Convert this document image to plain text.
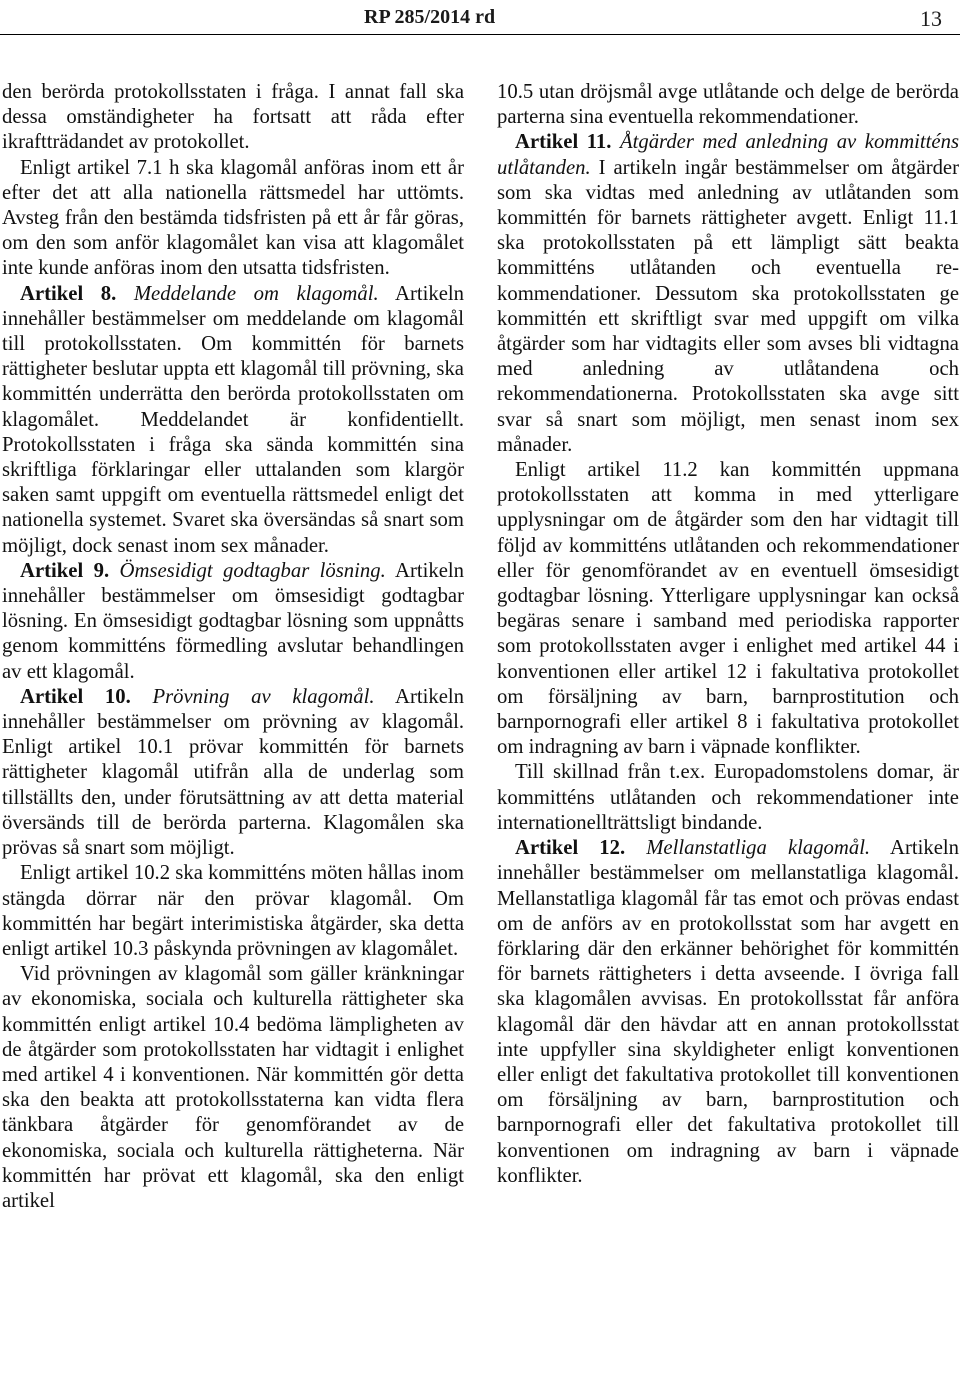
RP 285/2014 rd	13

den berörda protokollsstaten i fråga. I annat fall ska dessa omständigheter ha fortsatt att råda efter ikraftträdandet av protokollet.

Enligt artikel 7.1 h ska klagomål anföras inom ett år efter det att alla nationella rättsmedel har uttömts. Avsteg från den bestämda tidsfristen på ett år får göras, om den som anför klagomålet kan visa att klagomålet inte kunde anföras inom den utsatta tidsfristen.

Artikel 8. Meddelande om klagomål. Artikeln innehåller bestämmelser om meddelande om klagomål till protokollsstaten. Om kommittén för barnets rättigheter beslutar uppta ett klagomål till prövning, ska kommittén underrätta den berörda protokollsstaten om klagomålet. Meddelandet är konfidentiellt. Protokollsstaten i fråga ska sända kommittén sina skriftliga förklaringar eller uttalanden som klargör saken samt uppgift om eventuella rättsmedel enligt det nationella systemet. Svaret ska översändas så snart som möjligt, dock senast inom sex månader.

Artikel 9. Ömsesidigt godtagbar lösning. Artikeln innehåller bestämmelser om ömsesidigt godtagbar lösning. En ömsesidigt godtagbar lösning som uppnåtts genom kommitténs förmedling avslutar behandlingen av ett klagomål.

Artikel 10. Prövning av klagomål. Artikeln innehåller bestämmelser om prövning av klagomål. Enligt artikel 10.1 prövar kommittén för barnets rättigheter klagomål utifrån alla de underlag som tillställts den, under förutsättning av att detta material översänds till de berörda parterna. Klagomålen ska prövas så snart som möjligt.

Enligt artikel 10.2 ska kommitténs möten hållas inom stängda dörrar när den prövar klagomål. Om kommittén har begärt interimistiska åtgärder, ska detta enligt artikel 10.3 påskynda prövningen av klagomålet.

Vid prövningen av klagomål som gäller kränkningar av ekonomiska, sociala och kulturella rättigheter ska kommittén enligt artikel 10.4 bedöma lämpligheten av de åtgärder som protokollsstaten har vidtagit i enlighet med artikel 4 i konventionen. När kommittén gör detta ska den beakta att protokollsstaterna kan vidta flera tänkbara åtgärder för genomförandet av de ekonomiska, sociala och kulturella rättigheterna. När kommittén har prövat ett klagomål, ska den enligt artikel

10.5 utan dröjsmål avge utlåtande och delge de berörda parterna sina eventuella rekommendationer.

Artikel 11. Åtgärder med anledning av kommitténs utlåtanden. I artikeln ingår bestämmelser om åtgärder som ska vidtas med anledning av utlåtanden som kommittén för barnets rättigheter avgett. Enligt 11.1 ska protokollsstaten på ett lämpligt sätt beakta kommitténs utlåtanden och eventuella rekommendationer. Dessutom ska protokollsstaten ge kommittén ett skriftligt svar med uppgift om vilka åtgärder som har vidtagits eller som avses bli vidtagna med anledning av utlåtandena och rekommendationerna. Protokollsstaten ska avge sitt svar så snart som möjligt, men senast inom sex månader.

Enligt artikel 11.2 kan kommittén uppmana protokollsstaten att komma in med ytterligare upplysningar om de åtgärder som den har vidtagit till följd av kommitténs utlåtanden och rekommendationer eller för genomförandet av en eventuell ömsesidigt godtagbar lösning. Ytterligare upplysningar kan också begäras senare i samband med periodiska rapporter som protokollsstaten avger i enlighet med artikel 44 i konventionen eller artikel 12 i fakultativa protokollet om försäljning av barn, barnprostitution och barnpornografi eller artikel 8 i fakultativa protokollet om indragning av barn i väpnade konflikter.

Till skillnad från t.ex. Europadomstolens domar, är kommitténs utlåtanden och rekommendationer inte internationellträttsligt bindande.

Artikel 12. Mellanstatliga klagomål. Artikeln innehåller bestämmelser om mellanstatliga klagomål. Mellanstatliga klagomål får tas emot och prövas endast om de anförs av en protokollsstat som har avgett en förklaring där den erkänner behörighet för kommittén för barnets rättigheters i detta avseende. I övriga fall ska klagomålen avvisas. En protokollsstat får anföra klagomål där den hävdar att en annan protokollsstat inte uppfyller sina skyldigheter enligt konventionen eller enligt det fakultativa protokollet till konventionen om försäljning av barn, barnprostitution och barnpornografi eller det fakultativa protokollet till konventionen om indragning av barn i väpnade konflikter.
